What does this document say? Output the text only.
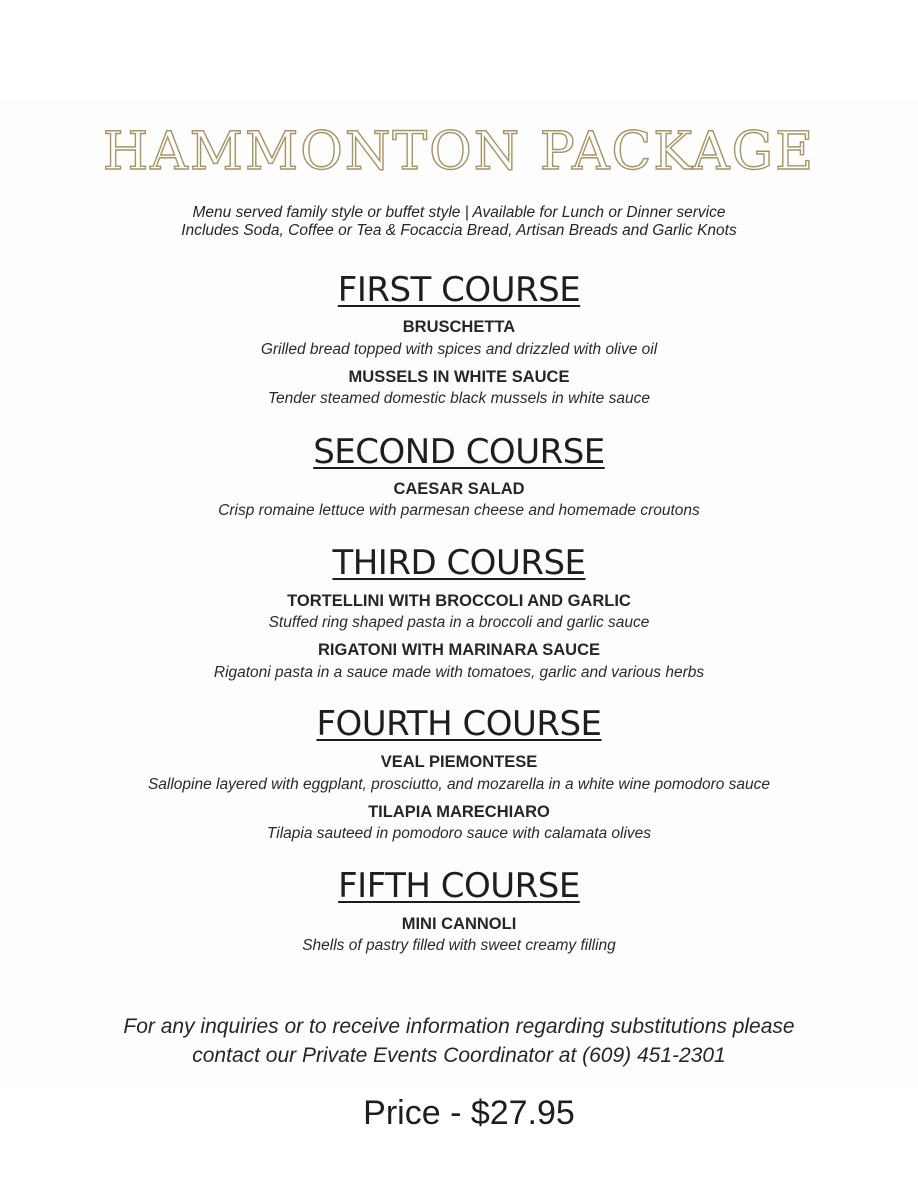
HAMMONTON PACKAGE
Menu served family style or buffet style | Available for Lunch or Dinner service
Includes Soda, Coffee or Tea & Focaccia Bread, Artisan Breads and Garlic Knots
FIRST COURSE
BRUSCHETTA
Grilled bread topped with spices and drizzled with olive oil
MUSSELS IN WHITE SAUCE
Tender steamed domestic black mussels in white sauce
SECOND COURSE
CAESAR SALAD
Crisp romaine lettuce with parmesan cheese and homemade croutons
THIRD COURSE
TORTELLINI WITH BROCCOLI AND GARLIC
Stuffed ring shaped pasta in a broccoli and garlic sauce
RIGATONI WITH MARINARA SAUCE
Rigatoni pasta in a sauce made with tomatoes, garlic and various herbs
FOURTH COURSE
VEAL PIEMONTESE
Sallopine layered with eggplant, prosciutto, and mozarella in a white wine pomodoro sauce
TILAPIA MARECHIARO
Tilapia sauteed in pomodoro sauce with calamata olives
FIFTH COURSE
MINI CANNOLI
Shells of pastry filled with sweet creamy filling
For any inquiries or to receive information regarding substitutions please
contact our Private Events Coordinator at (609) 451-2301
Price - $27.95
